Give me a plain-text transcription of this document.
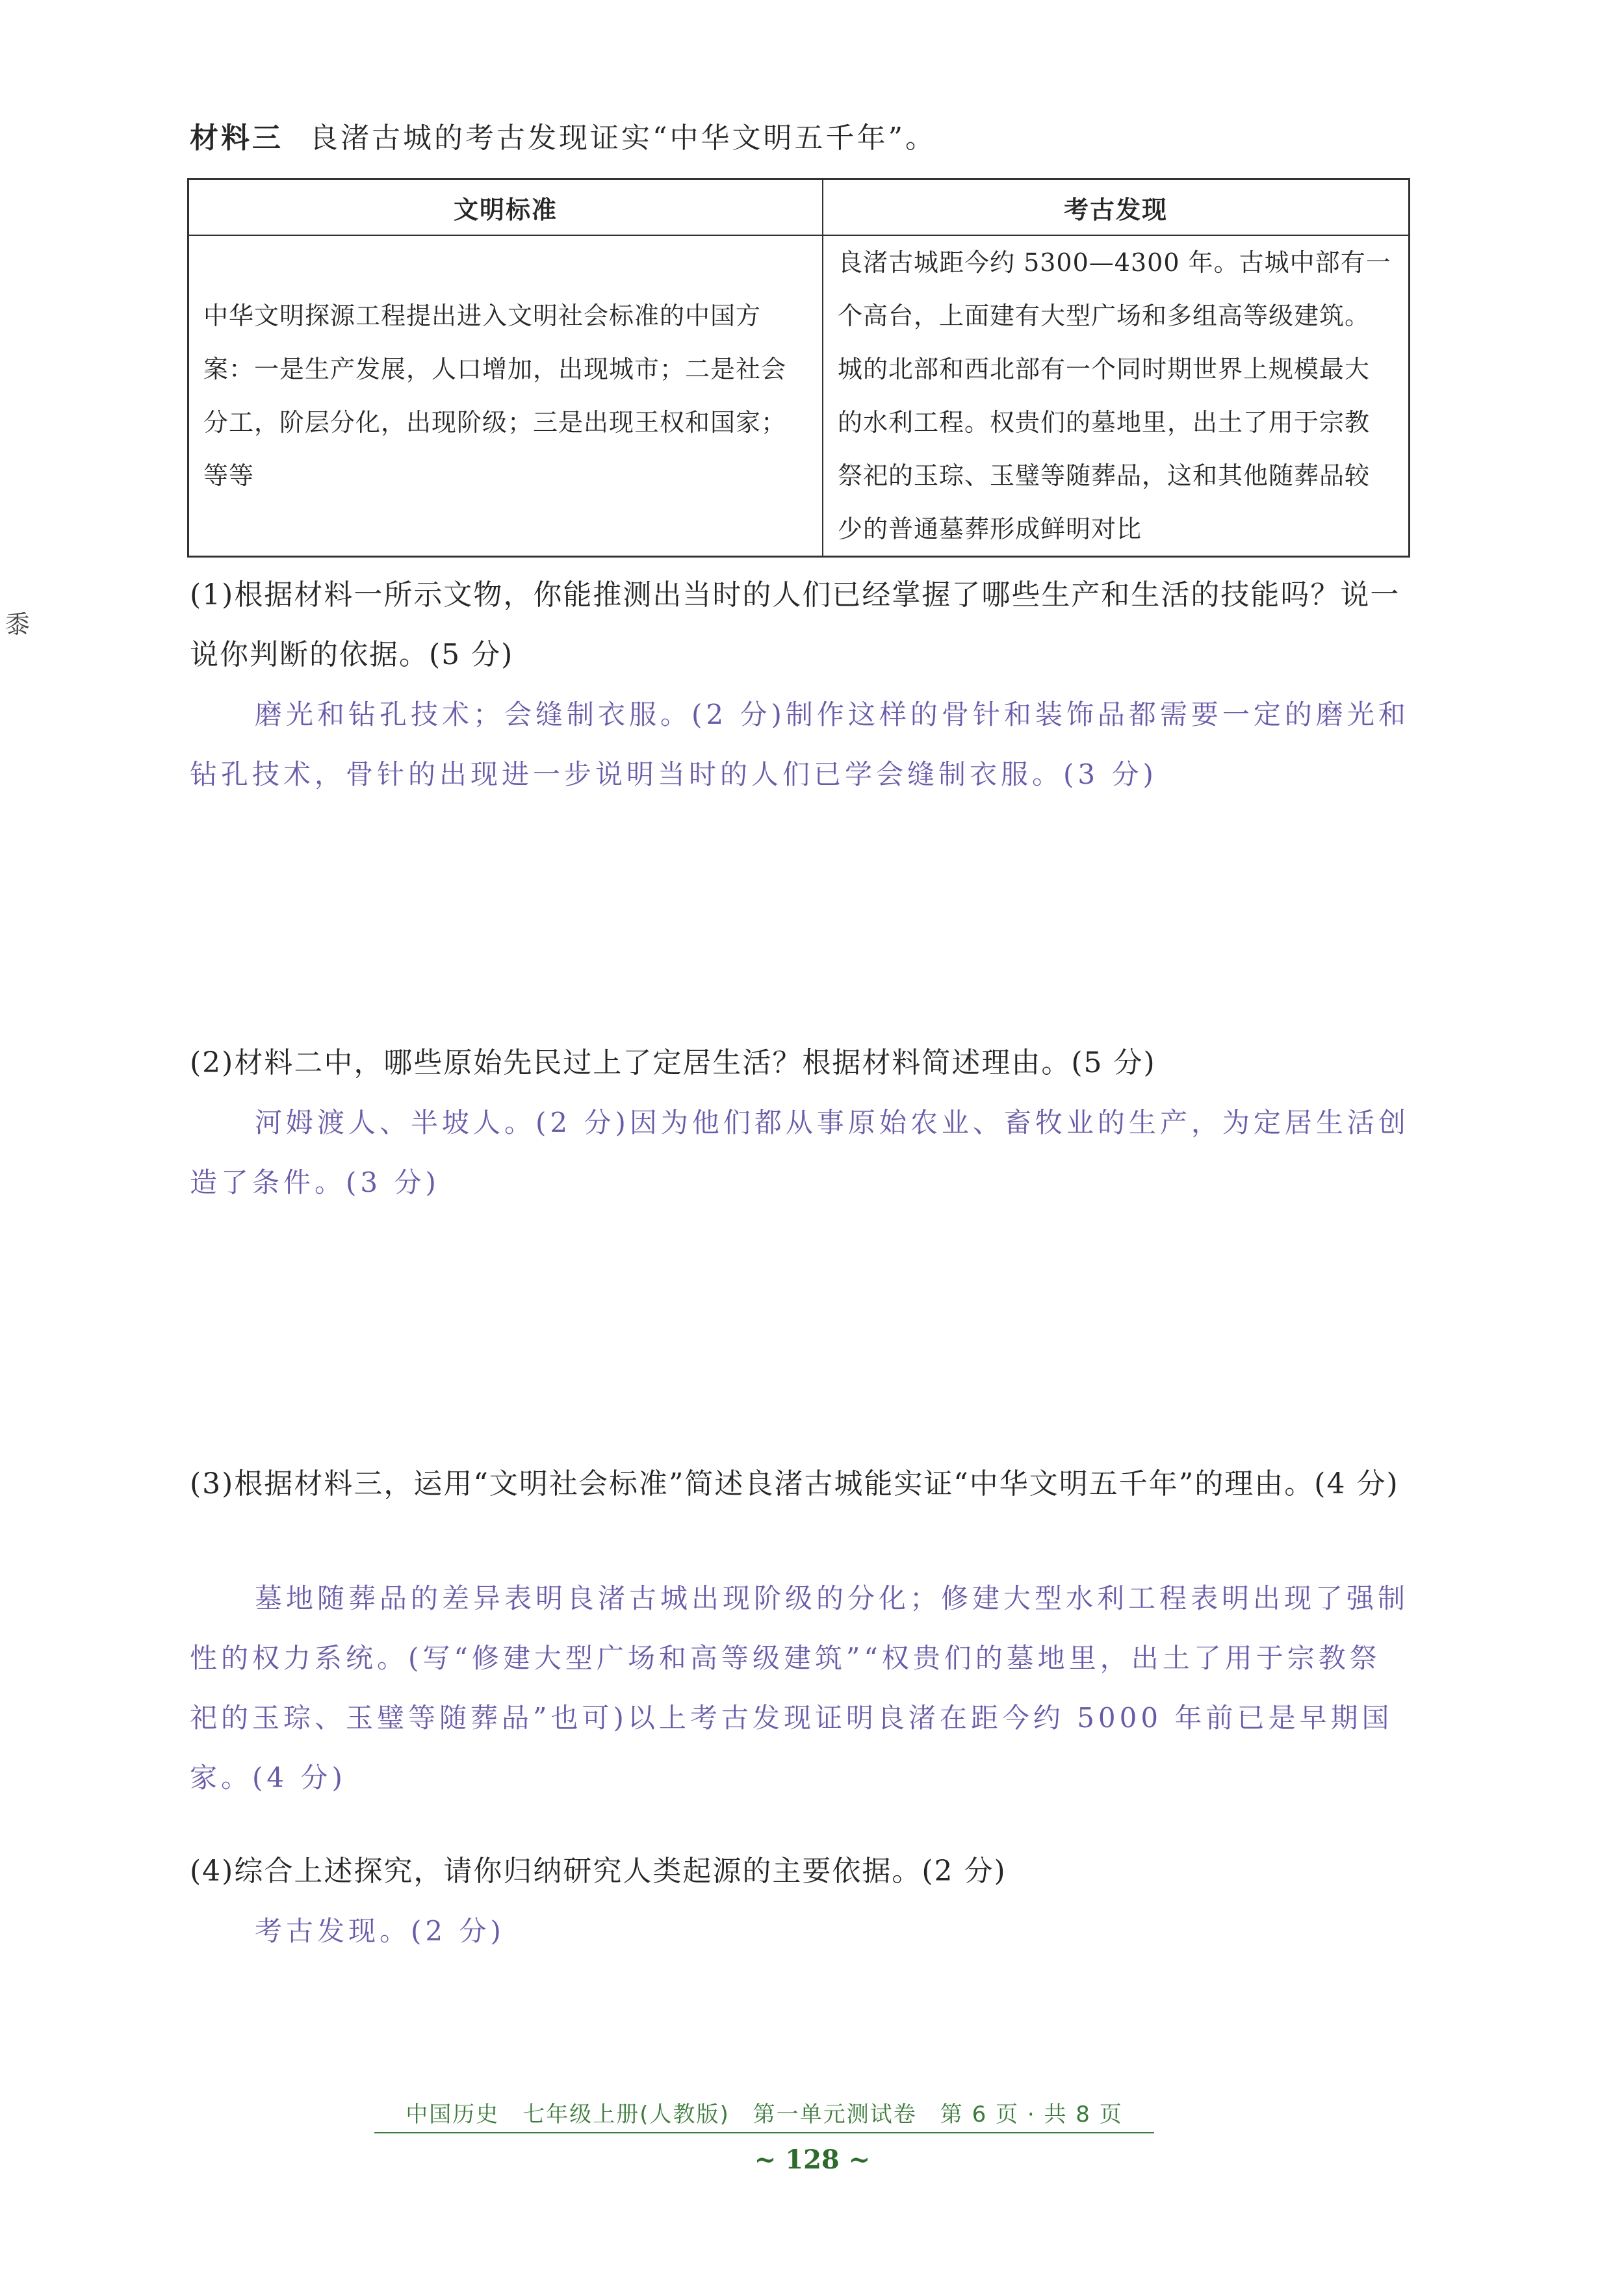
材料三 良渚古城的考古发现证实“中华文明五千年”。
文明标准	考古发现
中华文明探源工程提出进入文明社会标准的中国方案：一是生产发展，人口增加，出现城市；二是社会分工，阶层分化，出现阶级；三是出现王权和国家；等等	良渚古城距今约 5300—4300 年。古城中部有一个高台，上面建有大型广场和多组高等级建筑。城的北部和西北部有一个同时期世界上规模最大的水利工程。权贵们的墓地里，出土了用于宗教祭祀的玉琮、玉璧等随葬品，这和其他随葬品较少的普通墓葬形成鲜明对比
黍
(1)根据材料一所示文物，你能推测出当时的人们已经掌握了哪些生产和生活的技能吗？说一说你判断的依据。(5 分)
磨光和钻孔技术；会缝制衣服。(2 分)制作这样的骨针和装饰品都需要一定的磨光和钻孔技术，骨针的出现进一步说明当时的人们已学会缝制衣服。(3 分)
(2)材料二中，哪些原始先民过上了定居生活？根据材料简述理由。(5 分)
河姆渡人、半坡人。(2 分)因为他们都从事原始农业、畜牧业的生产，为定居生活创造了条件。(3 分)
(3)根据材料三，运用“文明社会标准”简述良渚古城能实证“中华文明五千年”的理由。(4 分)
墓地随葬品的差异表明良渚古城出现阶级的分化；修建大型水利工程表明出现了强制性的权力系统。(写“修建大型广场和高等级建筑”“权贵们的墓地里，出土了用于宗教祭祀的玉琮、玉璧等随葬品”也可)以上考古发现证明良渚在距今约 5000 年前已是早期国家。(4 分)
(4)综合上述探究，请你归纳研究人类起源的主要依据。(2 分)
考古发现。(2 分)
中国历史　七年级上册(人教版)　第一单元测试卷　第 6 页 · 共 8 页
~ 128 ~
